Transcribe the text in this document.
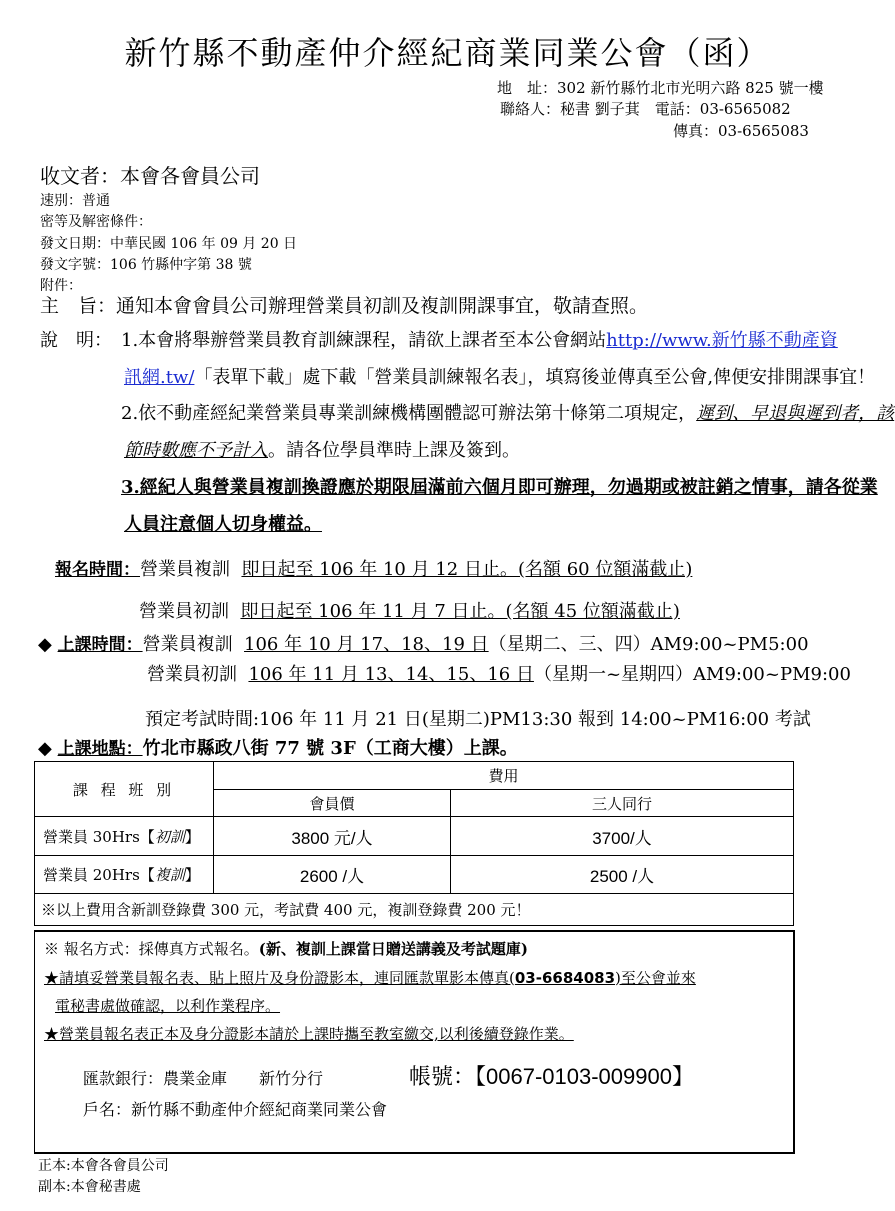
新竹縣不動產仲介經紀商業同業公會（函）
地　址：302 新竹縣竹北市光明六路 825 號一樓
聯絡人：秘書 劉子萁　電話：03-6565082
傳真：03-6565083
收文者：本會各會員公司
速別：普通
密等及解密條件：
發文日期：中華民國 106 年 09 月 20 日
發文字號：106 竹縣仲字第 38 號
附件：
主　旨：通知本會會員公司辦理營業員初訓及複訓開課事宜，敬請查照。
說　明： 1.本會將舉辦營業員教育訓練課程，請欲上課者至本公會網站http://www.新竹縣不動產資
訊網.tw/「表單下載」處下載「營業員訓練報名表」，填寫後並傳真至公會,俾便安排開課事宜！
2.依不動產經紀業營業員專業訓練機構團體認可辦法第十條第二項規定，遲到、早退與遲到者，該
節時數應不予計入。請各位學員準時上課及簽到。
3.經紀人與營業員複訓換證應於期限屆滿前六個月即可辦理，勿過期或被註銷之情事，請各從業
人員注意個人切身權益。
報名時間：營業員複訓 即日起至 106 年 10 月 12 日止。(名額 60 位額滿截止)
營業員初訓 即日起至 106 年 11 月 7 日止。(名額 45 位額滿截止)
◆ 上課時間：營業員複訓 106 年 10 月 17、18、19 日（星期二、三、四）AM9:00~PM5:00
營業員初訓 106 年 11 月 13、14、15、16 日（星期一~星期四）AM9:00~PM9:00
預定考試時間:106 年 11 月 21 日(星期二)PM13:30 報到 14:00~PM16:00 考試
◆ 上課地點：竹北市縣政八街 77 號 3F（工商大樓）上課。
課 程 班 別	費用	
	會員價	三人同行
營業員 30Hrs【初訓】	3800 元/人	3700/人
營業員 20Hrs【複訓】	2600 /人	2500 /人
※以上費用含新訓登錄費 300 元，考試費 400 元，複訓登錄費 200 元！		
※ 報名方式：採傳真方式報名。(新、複訓上課當日贈送講義及考試題庫)
★請填妥營業員報名表、貼上照片及身份證影本，連同匯款單影本傳真(03-6684083)至公會並來
電秘書處做確認，以利作業程序。
★營業員報名表正本及身分證影本請於上課時攜至教室繳交,以利後續登錄作業。
匯款銀行：農業金庫　　新竹分行	帳號：【0067-0103-009900】
戶名：新竹縣不動產仲介經紀商業同業公會
正本:本會各會員公司
副本:本會秘書處
